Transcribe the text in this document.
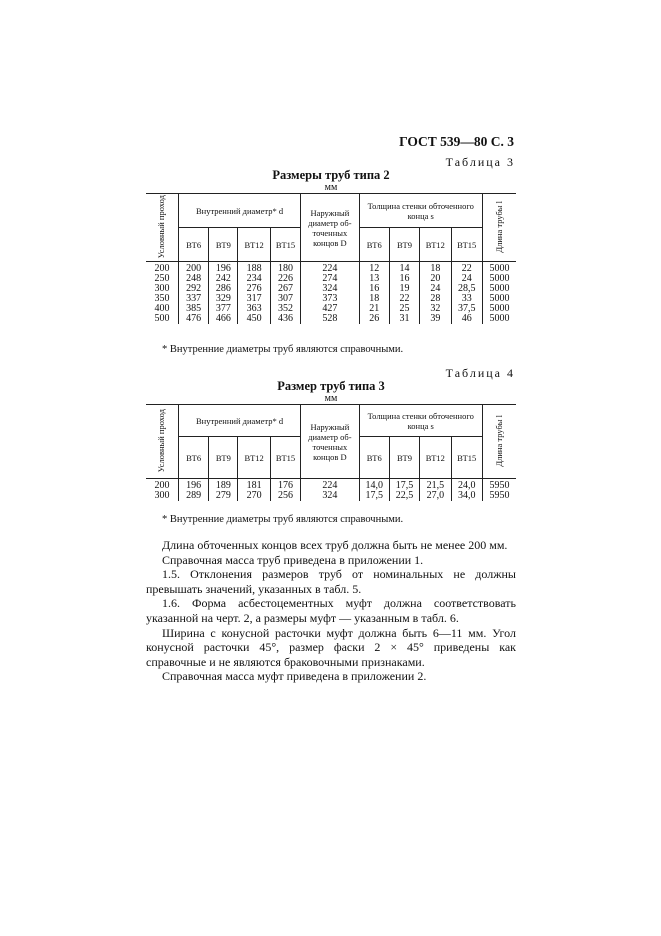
ГОСТ 539—80 С. 3
Таблица 3
Размеры труб типа 2
мм
Условный проход	Внутренний диаметр* d				Наружный диаметр об-точенных концов D	Толщина стенки обточенного конца s				Длина трубы l
	ВТ6	ВТ9	ВТ12	ВТ15		ВТ6	ВТ9	ВТ12	ВТ15	
200	200	196	188	180	224	12	14	18	22	5000
250	248	242	234	226	274	13	16	20	24	5000
300	292	286	276	267	324	16	19	24	28,5	5000
350	337	329	317	307	373	18	22	28	33	5000
400	385	377	363	352	427	21	25	32	37,5	5000
500	476	466	450	436	528	26	31	39	46	5000
* Внутренние диаметры труб являются справочными.
Таблица 4
Размер труб типа 3
мм
Условный проход	Внутренний диаметр* d				Наружный диаметр об-точенных концов D	Толщина стенки обточенного конца s				Длина трубы l
	ВТ6	ВТ9	ВТ12	ВТ15		ВТ6	ВТ9	ВТ12	ВТ15	
200	196	189	181	176	224	14,0	17,5	21,5	24,0	5950
300	289	279	270	256	324	17,5	22,5	27,0	34,0	5950
* Внутренние диаметры труб являются справочными.

Длина обточенных концов всех труб должна быть не менее 200 мм.

Справочная масса труб приведена в приложении 1.

1.5. Отклонения размеров труб от номинальных не должны превышать значений, указанных в табл. 5.

1.6. Форма асбестоцементных муфт должна соответствовать указанной на черт. 2, а размеры муфт — указанным в табл. 6.

Ширина с конусной расточки муфт должна быть 6—11 мм. Угол конусной расточки 45°, размер фаски 2 × 45° приведены как справочные и не являются браковочными признаками.

Справочная масса муфт приведена в приложении 2.
